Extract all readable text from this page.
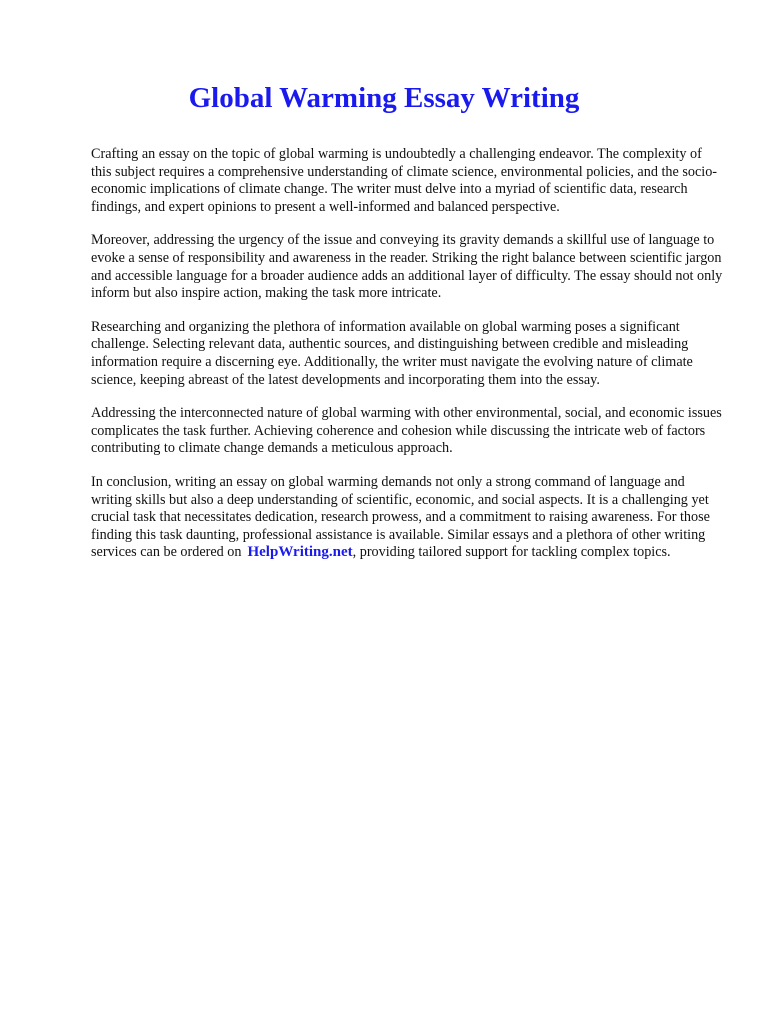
Global Warming Essay Writing

Crafting an essay on the topic of global warming is undoubtedly a challenging endeavor. The complexity of this subject requires a comprehensive understanding of climate science, environmental policies, and the socio-economic implications of climate change. The writer must delve into a myriad of scientific data, research findings, and expert opinions to present a well-informed and balanced perspective.

Moreover, addressing the urgency of the issue and conveying its gravity demands a skillful use of language to evoke a sense of responsibility and awareness in the reader. Striking the right balance between scientific jargon and accessible language for a broader audience adds an additional layer of difficulty. The essay should not only inform but also inspire action, making the task more intricate.

Researching and organizing the plethora of information available on global warming poses a significant challenge. Selecting relevant data, authentic sources, and distinguishing between credible and misleading information require a discerning eye. Additionally, the writer must navigate the evolving nature of climate science, keeping abreast of the latest developments and incorporating them into the essay.

Addressing the interconnected nature of global warming with other environmental, social, and economic issues complicates the task further. Achieving coherence and cohesion while discussing the intricate web of factors contributing to climate change demands a meticulous approach.

In conclusion, writing an essay on global warming demands not only a strong command of language and writing skills but also a deep understanding of scientific, economic, and social aspects. It is a challenging yet crucial task that necessitates dedication, research prowess, and a commitment to raising awareness. For those finding this task daunting, professional assistance is available. Similar essays and a plethora of other writing services can be ordered on HelpWriting.net, providing tailored support for tackling complex topics.
